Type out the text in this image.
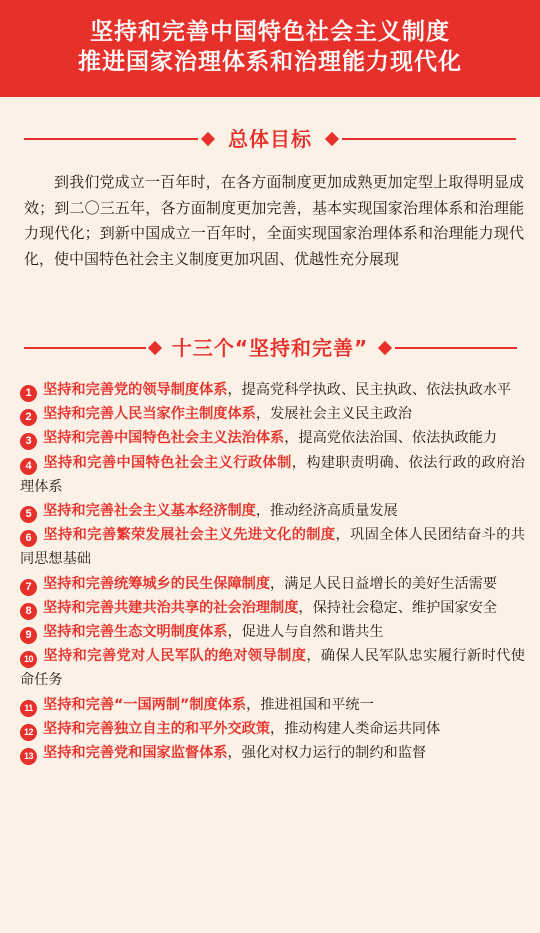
坚持和完善中国特色社会主义制度
推进国家治理体系和治理能力现代化
总体目标

到我们党成立一百年时，在各方面制度更加成熟更加定型上取得明显成效；到二〇三五年，各方面制度更加完善，基本实现国家治理体系和治理能力现代化；到新中国成立一百年时，全面实现国家治理体系和治理能力现代化，使中国特色社会主义制度更加巩固、优越性充分展现

十三个“坚持和完善”
1 坚持和完善党的领导制度体系，提高党科学执政、民主执政、依法执政水平
2 坚持和完善人民当家作主制度体系，发展社会主义民主政治
3 坚持和完善中国特色社会主义法治体系，提高党依法治国、依法执政能力
4 坚持和完善中国特色社会主义行政体制，构建职责明确、依法行政的政府治理体系
5 坚持和完善社会主义基本经济制度，推动经济高质量发展
6 坚持和完善繁荣发展社会主义先进文化的制度，巩固全体人民团结奋斗的共同思想基础
7 坚持和完善统筹城乡的民生保障制度，满足人民日益增长的美好生活需要
8 坚持和完善共建共治共享的社会治理制度，保持社会稳定、维护国家安全
9 坚持和完善生态文明制度体系，促进人与自然和谐共生
10 坚持和完善党对人民军队的绝对领导制度，确保人民军队忠实履行新时代使命任务
11 坚持和完善“一国两制”制度体系，推进祖国和平统一
12 坚持和完善独立自主的和平外交政策，推动构建人类命运共同体
13 坚持和完善党和国家监督体系，强化对权力运行的制约和监督
